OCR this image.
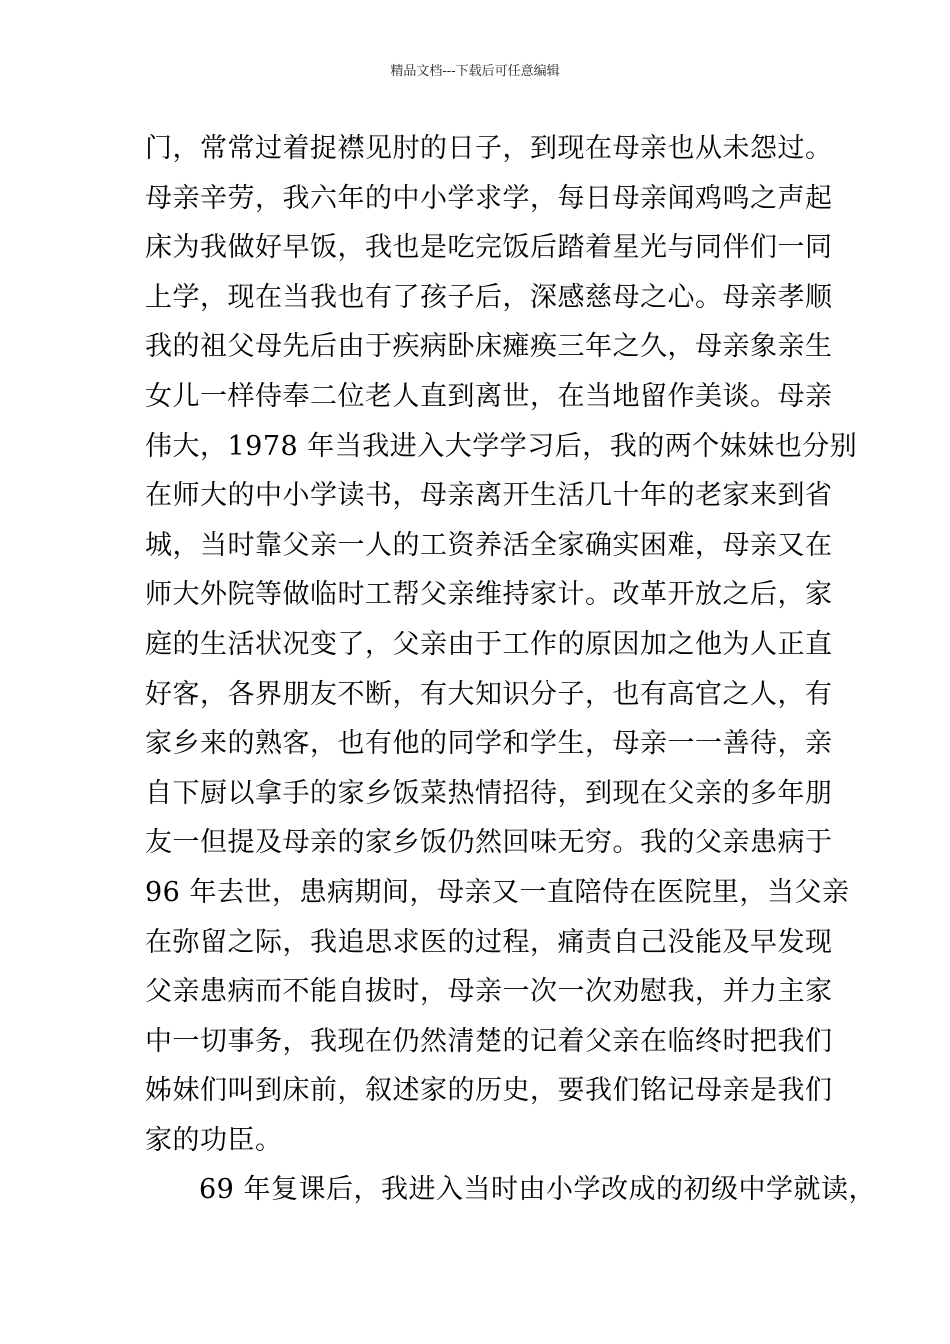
精品文档---下载后可任意编辑
门，常常过着捉襟见肘的日子，到现在母亲也从未怨过。
母亲辛劳，我六年的中小学求学，每日母亲闻鸡鸣之声起
床为我做好早饭，我也是吃完饭后踏着星光与同伴们一同
上学，现在当我也有了孩子后，深感慈母之心。母亲孝顺
我的祖父母先后由于疾病卧床瘫痪三年之久，母亲象亲生
女儿一样侍奉二位老人直到离世，在当地留作美谈。母亲
伟大，1978 年当我进入大学学习后，我的两个妹妹也分别
在师大的中小学读书，母亲离开生活几十年的老家来到省
城，当时靠父亲一人的工资养活全家确实困难，母亲又在
师大外院等做临时工帮父亲维持家计。改革开放之后，家
庭的生活状况变了，父亲由于工作的原因加之他为人正直
好客，各界朋友不断，有大知识分子，也有高官之人，有
家乡来的熟客，也有他的同学和学生，母亲一一善待，亲
自下厨以拿手的家乡饭菜热情招待，到现在父亲的多年朋
友一但提及母亲的家乡饭仍然回味无穷。我的父亲患病于
96 年去世，患病期间，母亲又一直陪侍在医院里，当父亲
在弥留之际，我追思求医的过程，痛责自己没能及早发现
父亲患病而不能自拔时，母亲一次一次劝慰我，并力主家
中一切事务，我现在仍然清楚的记着父亲在临终时把我们
姊妹们叫到床前，叙述家的历史，要我们铭记母亲是我们
家的功臣。
69 年复课后，我进入当时由小学改成的初级中学就读，
